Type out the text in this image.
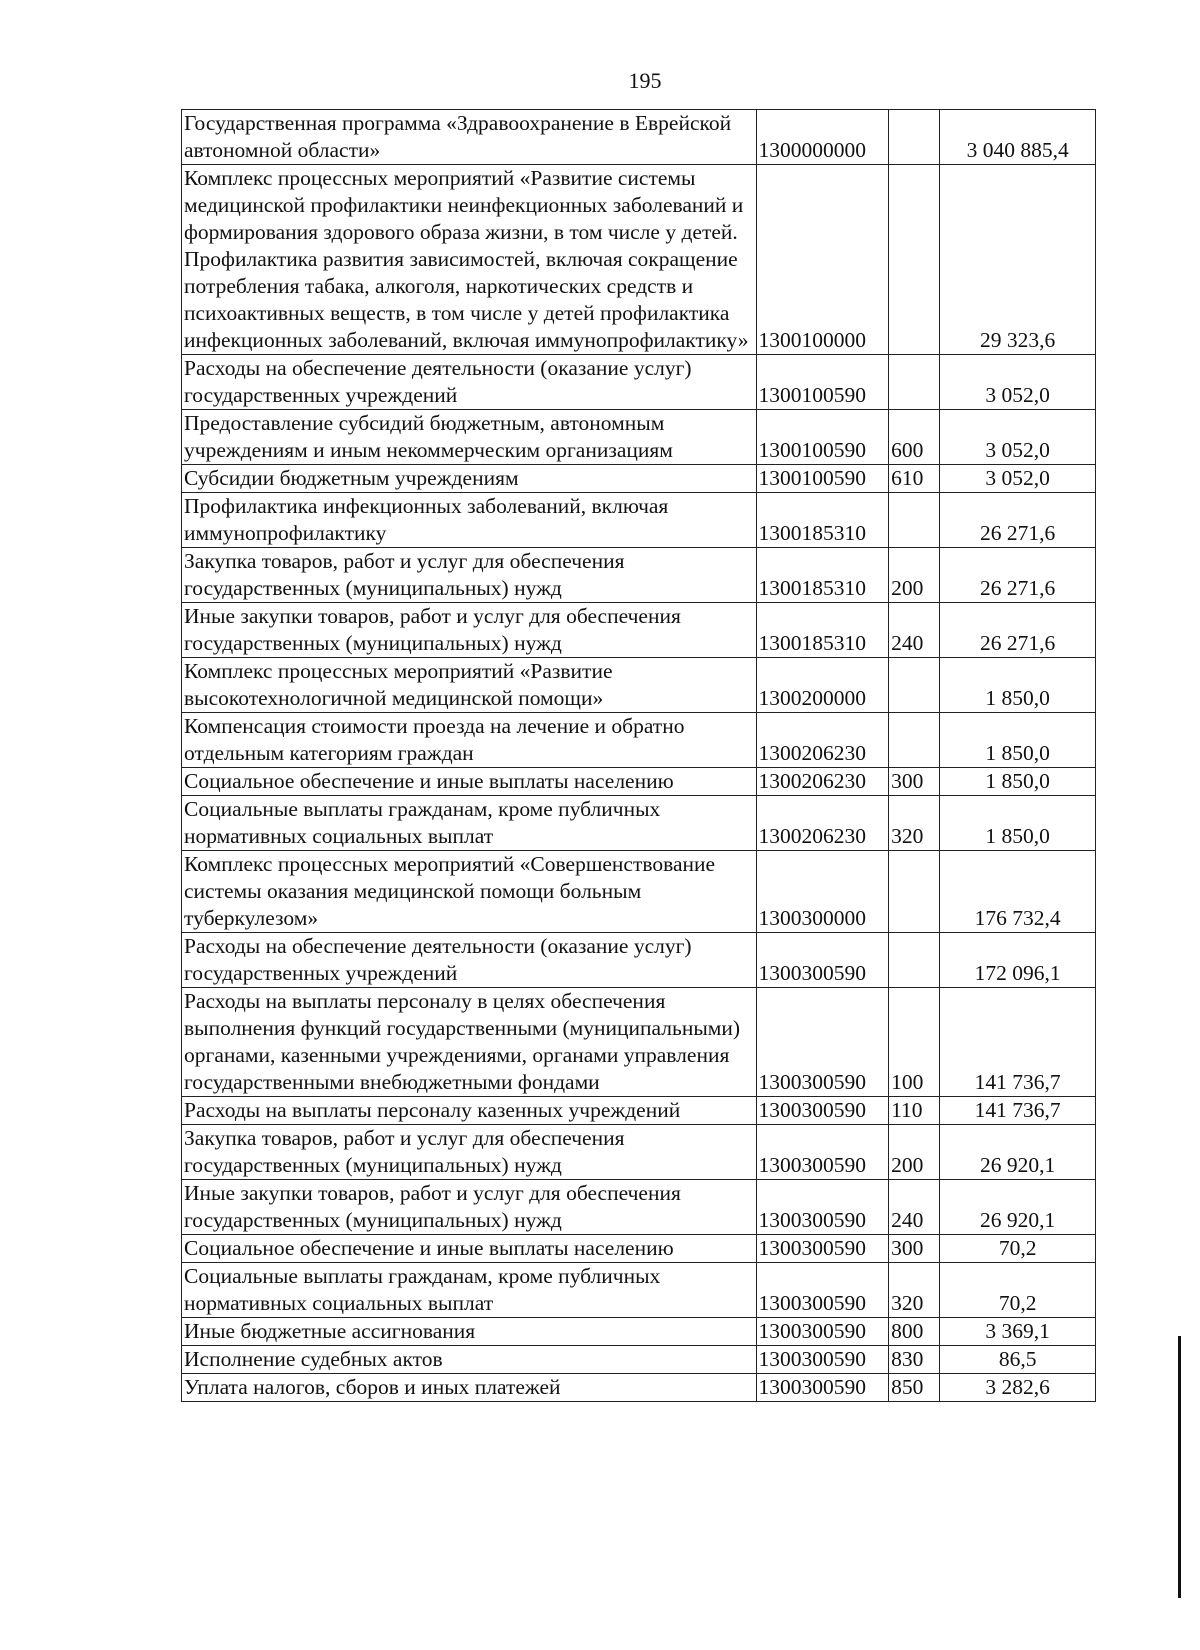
195
Государственная программа «Здравоохранение в Еврейской автономной области»	1300000000		3 040 885,4
Комплекс процессных мероприятий «Развитие системы медицинской профилактики неинфекционных заболеваний и формирования здорового образа жизни, в том числе у детей. Профилактика развития зависимостей, включая сокращение потребления табака, алкоголя, наркотических средств и психоактивных веществ, в том числе у детей профилактика инфекционных заболеваний, включая иммунопрофилактику»	1300100000		29 323,6
Расходы на обеспечение деятельности (оказание услуг) государственных учреждений	1300100590		3 052,0
Предоставление субсидий бюджетным, автономным учреждениям и иным некоммерческим организациям	1300100590	600	3 052,0
Субсидии бюджетным учреждениям	1300100590	610	3 052,0
Профилактика инфекционных заболеваний, включая иммунопрофилактику	1300185310		26 271,6
Закупка товаров, работ и услуг для обеспечения государственных (муниципальных) нужд	1300185310	200	26 271,6
Иные закупки товаров, работ и услуг для обеспечения государственных (муниципальных) нужд	1300185310	240	26 271,6
Комплекс процессных мероприятий «Развитие высокотехнологичной медицинской помощи»	1300200000		1 850,0
Компенсация стоимости проезда на лечение и обратно отдельным категориям граждан	1300206230		1 850,0
Социальное обеспечение и иные выплаты населению	1300206230	300	1 850,0
Социальные выплаты гражданам, кроме публичных нормативных социальных выплат	1300206230	320	1 850,0
Комплекс процессных мероприятий «Совершенствование системы оказания медицинской помощи больным туберкулезом»	1300300000		176 732,4
Расходы на обеспечение деятельности (оказание услуг) государственных учреждений	1300300590		172 096,1
Расходы на выплаты персоналу в целях обеспечения выполнения функций государственными (муниципальными) органами, казенными учреждениями, органами управления государственными внебюджетными фондами	1300300590	100	141 736,7
Расходы на выплаты персоналу казенных учреждений	1300300590	110	141 736,7
Закупка товаров, работ и услуг для обеспечения государственных (муниципальных) нужд	1300300590	200	26 920,1
Иные закупки товаров, работ и услуг для обеспечения государственных (муниципальных) нужд	1300300590	240	26 920,1
Социальное обеспечение и иные выплаты населению	1300300590	300	70,2
Социальные выплаты гражданам, кроме публичных нормативных социальных выплат	1300300590	320	70,2
Иные бюджетные ассигнования	1300300590	800	3 369,1
Исполнение судебных актов	1300300590	830	86,5
Уплата налогов, сборов и иных платежей	1300300590	850	3 282,6
